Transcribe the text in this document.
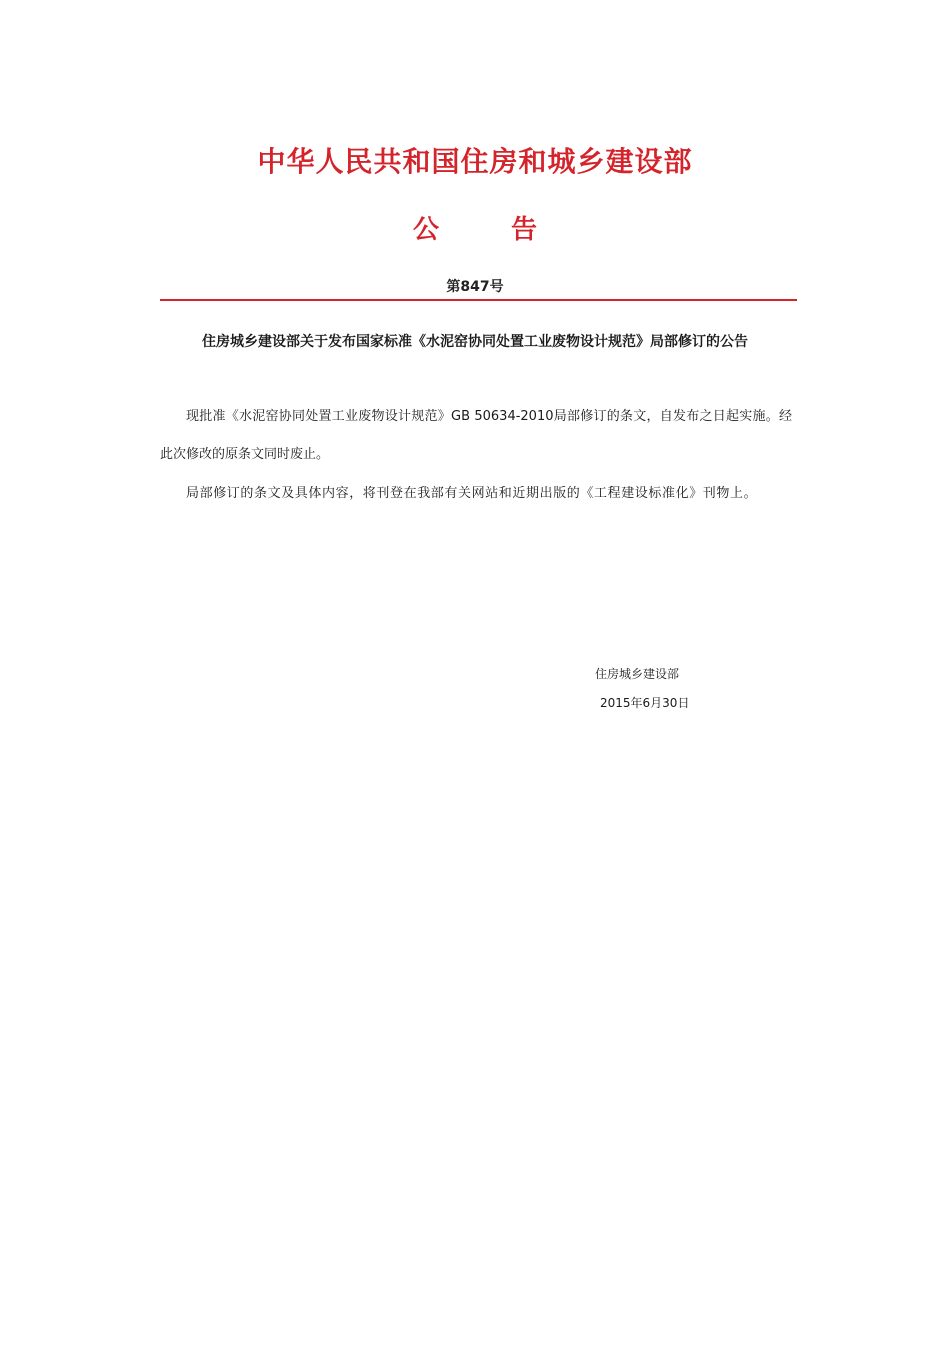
中华人民共和国住房和城乡建设部
公	告
第847号
住房城乡建设部关于发布国家标准《水泥窑协同处置工业废物设计规范》局部修订的公告

现批准《水泥窑协同处置工业废物设计规范》GB 50634-2010局部修订的条文，自发布之日起实施。经此次修改的原条文同时废止。

局部修订的条文及具体内容，将刊登在我部有关网站和近期出版的《工程建设标准化》刊物上。

住房城乡建设部
2015年6月30日
